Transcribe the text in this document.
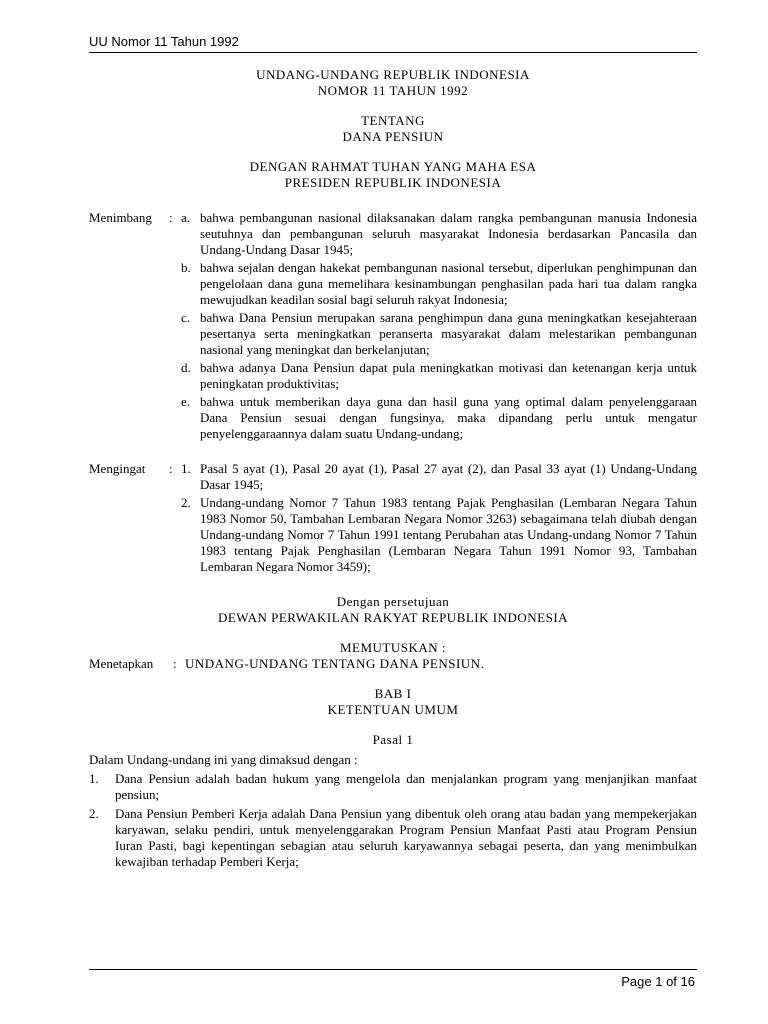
UU Nomor 11 Tahun 1992
UNDANG-UNDANG REPUBLIK INDONESIA
NOMOR 11 TAHUN 1992
TENTANG
DANA PENSIUN
DENGAN RAHMAT TUHAN YANG MAHA ESA
PRESIDEN REPUBLIK INDONESIA
Menimbang	: a. bahwa pembangunan nasional dilaksanakan dalam rangka pembangunan manusia Indonesia seutuhnya dan pembangunan seluruh masyarakat Indonesia berdasarkan Pancasila dan Undang-Undang Dasar 1945;
b. bahwa sejalan dengan hakekat pembangunan nasional tersebut, diperlukan penghimpunan dan pengelolaan dana guna memelihara kesinambungan penghasilan pada hari tua dalam rangka mewujudkan keadilan sosial bagi seluruh rakyat Indonesia;
c. bahwa Dana Pensiun merupakan sarana penghimpun dana guna meningkatkan kesejahteraan pesertanya serta meningkatkan peranserta masyarakat dalam melestarikan pembangunan nasional yang meningkat dan berkelanjutan;
d. bahwa adanya Dana Pensiun dapat pula meningkatkan motivasi dan ketenangan kerja untuk peningkatan produktivitas;
e. bahwa untuk memberikan daya guna dan hasil guna yang optimal dalam penyelenggaraan Dana Pensiun sesuai dengan fungsinya, maka dipandang perlu untuk mengatur penyelenggaraannya dalam suatu Undang-undang;
Mengingat	: 1. Pasal 5 ayat (1), Pasal 20 ayat (1), Pasal 27 ayat (2), dan Pasal 33 ayat (1) Undang-Undang Dasar 1945;
2. Undang-undang Nomor 7 Tahun 1983 tentang Pajak Penghasilan (Lembaran Negara Tahun 1983 Nomor 50, Tambahan Lembaran Negara Nomor 3263) sebagaimana telah diubah dengan Undang-undang Nomor 7 Tahun 1991 tentang Perubahan atas Undang-undang Nomor 7 Tahun 1983 tentang Pajak Penghasilan (Lembaran Negara Tahun 1991 Nomor 93, Tambahan Lembaran Negara Nomor 3459);
Dengan persetujuan
DEWAN PERWAKILAN RAKYAT REPUBLIK INDONESIA
MEMUTUSKAN :
Menetapkan	: UNDANG-UNDANG TENTANG DANA PENSIUN.
BAB I
KETENTUAN UMUM
Pasal 1
Dalam Undang-undang ini yang dimaksud dengan :
1.	Dana Pensiun adalah badan hukum yang mengelola dan menjalankan program yang menjanjikan manfaat pensiun;
2.	Dana Pensiun Pemberi Kerja adalah Dana Pensiun yang dibentuk oleh orang atau badan yang mempekerjakan karyawan, selaku pendiri, untuk menyelenggarakan Program Pensiun Manfaat Pasti atau Program Pensiun Iuran Pasti, bagi kepentingan sebagian atau seluruh karyawannya sebagai peserta, dan yang menimbulkan kewajiban terhadap Pemberi Kerja;
Page 1 of 16
